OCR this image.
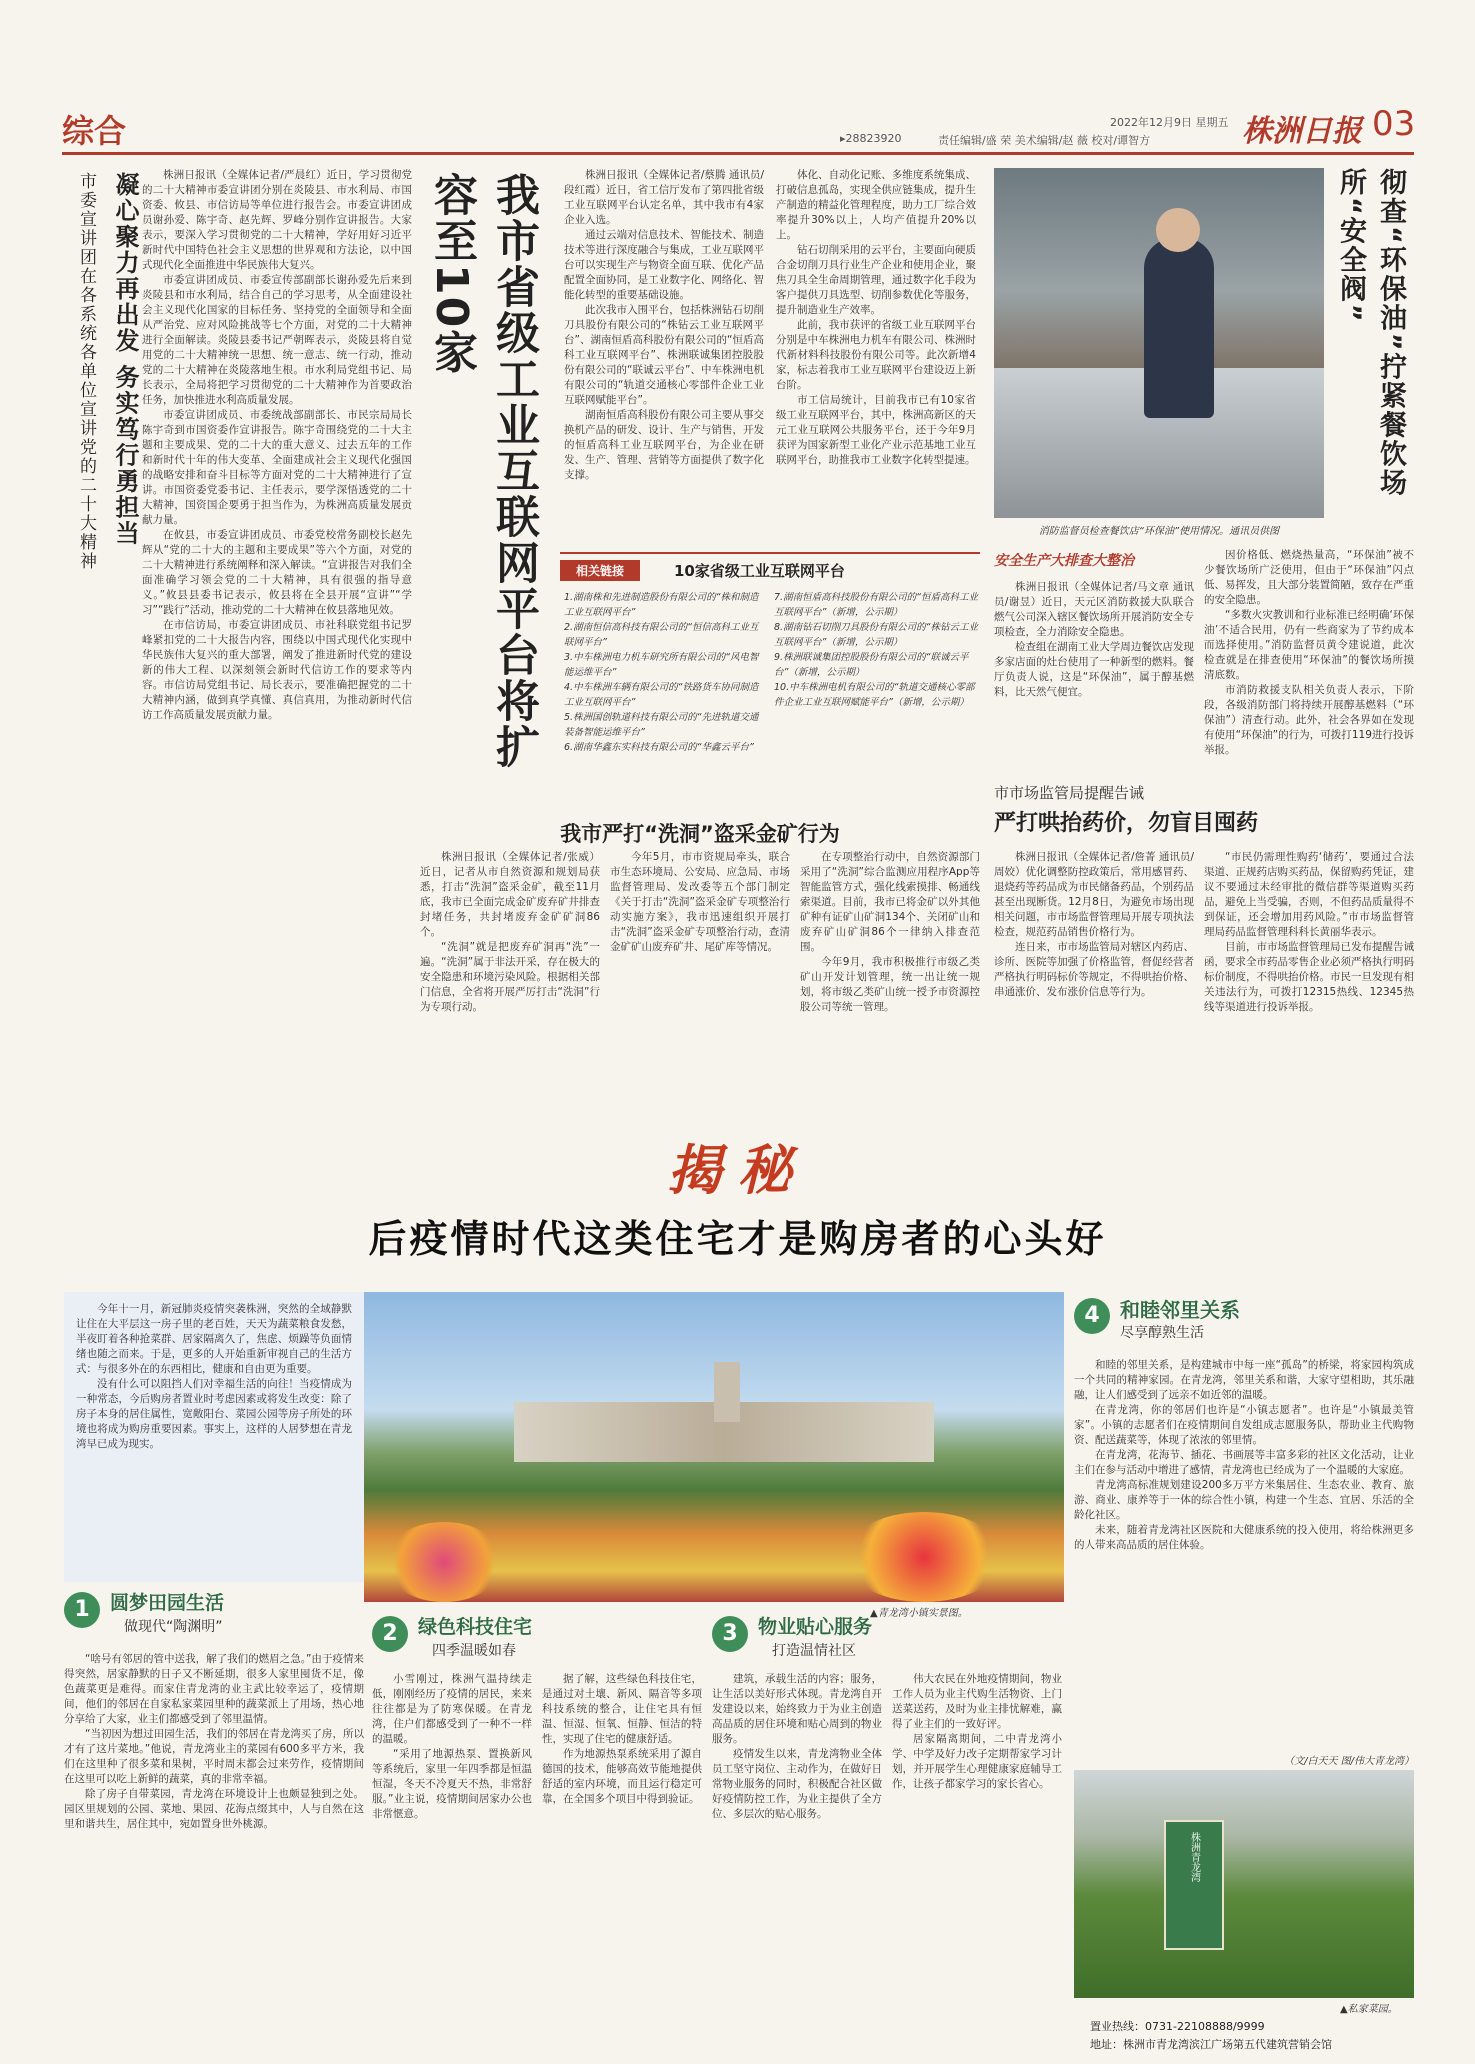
综合	▸28823920	责任编辑/盛 荣 美术编辑/赵 薇 校对/谭智方
2022年12月9日 星期五 株洲日报 03
凝心聚力再出发 务实笃行勇担当
市委宣讲团在各系统各单位宣讲党的二十大精神	株洲日报讯（全媒体记者/严晨红）近日，学习贯彻党的二十大精神市委宣讲团分别在炎陵县、市水利局、市国资委、攸县、市信访局等单位进行报告会。市委宣讲团成员谢孙爱、陈宇奇、赵先辉、罗峰分别作宣讲报告。大家表示，要深入学习贯彻党的二十大精神，学好用好习近平新时代中国特色社会主义思想的世界观和方法论，以中国式现代化全面推进中华民族伟大复兴。

市委宣讲团成员、市委宣传部副部长谢孙爱先后来到炎陵县和市水利局，结合自己的学习思考，从全面建设社会主义现代化国家的目标任务、坚持党的全面领导和全面从严治党、应对风险挑战等七个方面，对党的二十大精神进行全面解读。炎陵县委书记严朝晖表示，炎陵县将自觉用党的二十大精神统一思想、统一意志、统一行动，推动党的二十大精神在炎陵落地生根。市水利局党组书记、局长表示，全局将把学习贯彻党的二十大精神作为首要政治任务，加快推进水利高质量发展。

市委宣讲团成员、市委统战部副部长、市民宗局局长陈宇奇到市国资委作宣讲报告。陈宇奇围绕党的二十大主题和主要成果、党的二十大的重大意义、过去五年的工作和新时代十年的伟大变革、全面建成社会主义现代化强国的战略安排和奋斗目标等方面对党的二十大精神进行了宣讲。市国资委党委书记、主任表示，要学深悟透党的二十大精神，国资国企要勇于担当作为，为株洲高质量发展贡献力量。

在攸县，市委宣讲团成员、市委党校常务副校长赵先辉从“党的二十大的主题和主要成果”等六个方面，对党的二十大精神进行系统阐释和深入解读。“宣讲报告对我们全面准确学习领会党的二十大精神，具有很强的指导意义。”攸县县委书记表示，攸县将在全县开展“宣讲”“学习”“践行”活动，推动党的二十大精神在攸县落地见效。

在市信访局，市委宣讲团成员、市社科联党组书记罗峰紧扣党的二十大报告内容，围绕以中国式现代化实现中华民族伟大复兴的重大部署，阐发了推进新时代党的建设新的伟大工程、以深刻领会新时代信访工作的要求等内容。市信访局党组书记、局长表示，要准确把握党的二十大精神内涵，做到真学真懂、真信真用，为推动新时代信访工作高质量发展贡献力量。	我市省级工业互联网平台将扩容至10家	株洲日报讯（全媒体记者/蔡腾 通讯员/段红霞）近日，省工信厅发布了第四批省级工业互联网平台认定名单，其中我市有4家企业入选。

通过云端对信息技术、智能技术、制造技术等进行深度融合与集成，工业互联网平台可以实现生产与物资全面互联、优化产品配置全面协同，是工业数字化、网络化、智能化转型的重要基础设施。

此次我市入围平台，包括株洲钻石切削刀具股份有限公司的“株钻云工业互联网平台”、湖南恒盾高科股份有限公司的“恒盾高科工业互联网平台”、株洲联诚集团控股股份有限公司的“联诚云平台”、中车株洲电机有限公司的“轨道交通核心零部件企业工业互联网赋能平台”。

湖南恒盾高科股份有限公司主要从事交换机产品的研发、设计、生产与销售，开发的恒盾高科工业互联网平台，为企业在研发、生产、管理、营销等方面提供了数字化支撑。

体化、自动化记账、多维度系统集成、打破信息孤岛，实现全供应链集成，提升生产制造的精益化管理程度，助力工厂综合效率提升30%以上，人均产值提升20%以上。

钻石切削采用的云平台，主要面向硬质合金切削刀具行业生产企业和使用企业，聚焦刀具全生命周期管理，通过数字化手段为客户提供刀具选型、切削参数优化等服务，提升制造业生产效率。

此前，我市获评的省级工业互联网平台分别是中车株洲电力机车有限公司、株洲时代新材料科技股份有限公司等。此次新增4家，标志着我市工业互联网平台建设迈上新台阶。

市工信局统计，目前我市已有10家省级工业互联网平台，其中，株洲高新区的天元工业互联网公共服务平台，还于今年9月获评为国家新型工业化产业示范基地工业互联网平台，助推我市工业数字化转型提速。

相关链接	10家省级工业互联网平台
1.湖南株和先进制造股份有限公司的“株和制造工业互联网平台”
2.湖南恒信高科技有限公司的“恒信高科工业互联网平台”
3.中车株洲电力机车研究所有限公司的“风电智能运维平台”
4.中车株洲车辆有限公司的“铁路货车协同制造工业互联网平台”
5.株洲国创轨道科技有限公司的“先进轨道交通装备智能运维平台”
6.湖南华鑫东实科技有限公司的“华鑫云平台”
7.湖南恒盾高科技股份有限公司的“恒盾高科工业互联网平台”（新增，公示期）
8.湖南钻石切削刀具股份有限公司的“株钻云工业互联网平台”（新增，公示期）
9.株洲联诚集团控股股份有限公司的“联诚云平台”（新增，公示期）
10.中车株洲电机有限公司的“轨道交通核心零部件企业工业互联网赋能平台”（新增，公示期）
我市严打“洗洞”盗采金矿行为

株洲日报讯（全媒体记者/张威）近日，记者从市自然资源和规划局获悉，打击“洗洞”盗采金矿，截至11月底，我市已全面完成金矿废弃矿井排查封堵任务，共封堵废弃金矿矿洞86个。

“洗洞”就是把废弃矿洞再“洗”一遍。“洗洞”属于非法开采，存在极大的安全隐患和环境污染风险。根据相关部门信息，全省将开展严厉打击“洗洞”行为专项行动。

今年5月，市市资规局牵头，联合市生态环境局、公安局、应急局、市场监督管理局、发改委等五个部门制定《关于打击“洗洞”盗采金矿专项整治行动实施方案》，我市迅速组织开展打击“洗洞”盗采金矿专项整治行动，查清金矿矿山废弃矿井、尾矿库等情况。

在专项整治行动中，自然资源部门采用了“洗洞”综合监测应用程序App等智能监管方式，强化线索摸排、畅通线索渠道。目前，我市已将金矿以外其他矿种有证矿山矿洞134个、关闭矿山和废弃矿山矿洞86个一律纳入排查范围。

今年9月，我市积极推行市级乙类矿山开发计划管理，统一出让统一规划，将市级乙类矿山统一授予市资源控股公司等统一管理。

消防监督员检查餐饮店“环保油”使用情况。通讯员供图
彻查“环保油”拧紧餐饮场所“安全阀”
安全生产大排查大整治

株洲日报讯（全媒体记者/马文章 通讯员/谢昱）近日，天元区消防救援大队联合燃气公司深入辖区餐饮场所开展消防安全专项检查，全力消除安全隐患。

检查组在湖南工业大学周边餐饮店发现多家店面的灶台使用了一种新型的燃料。餐厅负责人说，这是“环保油”，属于醇基燃料，比天然气便宜。

因价格低、燃烧热量高，“环保油”被不少餐饮场所广泛使用，但由于“环保油”闪点低、易挥发，且大部分装置简陋，致存在严重的安全隐患。

“多数火灾教训和行业标准已经明确‘环保油’不适合民用，仍有一些商家为了节约成本而选择使用。”消防监督员黄令建说道，此次检查就是在排查使用“环保油”的餐饮场所摸清底数。

市消防救援支队相关负责人表示，下阶段，各级消防部门将持续开展醇基燃料（“环保油”）清查行动。此外，社会各界如在发现有使用“环保油”的行为，可拨打119进行投诉举报。

市市场监管局提醒告诫
严打哄抬药价，勿盲目囤药

株洲日报讯（全媒体记者/詹菁 通讯员/周姣）优化调整防控政策后，常用感冒药、退烧药等药品成为市民储备药品，个别药品甚至出现断货。12月8日，为避免市场出现相关问题，市市场监督管理局开展专项执法检查，规范药品销售价格行为。

连日来，市市场监管局对辖区内药店、诊所、医院等加强了价格监管，督促经营者严格执行明码标价等规定，不得哄抬价格、串通涨价、发布涨价信息等行为。

“市民仍需理性购药‘储药’，要通过合法渠道、正规药店购买药品，保留购药凭证，建议不要通过未经审批的微信群等渠道购买药品，避免上当受骗，否则，不但药品质量得不到保证，还会增加用药风险。”市市场监督管理局药品监督管理科科长黄丽华表示。

目前，市市场监督管理局已发布提醒告诫函，要求全市药品零售企业必须严格执行明码标价制度，不得哄抬价格。市民一旦发现有相关违法行为，可拨打12315热线、12345热线等渠道进行投诉举报。

揭秘
后疫情时代这类住宅才是购房者的心头好

今年十一月，新冠肺炎疫情突袭株洲，突然的全域静默让住在大平层这一房子里的老百姓，天天为蔬菜粮食发愁，半夜盯着各种抢菜群、居家隔离久了，焦虑、烦躁等负面情绪也随之而来。于是，更多的人开始重新审视自己的生活方式：与很多外在的东西相比，健康和自由更为重要。

没有什么可以阻挡人们对幸福生活的向往！当疫情成为一种常态，今后购房者置业时考虑因素或将发生改变：除了房子本身的居住属性，宽敞阳台、菜园公园等房子所处的环境也将成为购房重要因素。事实上，这样的人居梦想在青龙湾早已成为现实。

▲青龙湾小镇实景图。
4	和睦邻里关系
尽享醇熟生活

和睦的邻里关系，是构建城市中每一座“孤岛”的桥梁，将家园构筑成一个共同的精神家园。在青龙湾，邻里关系和谐，大家守望相助，其乐融融，让人们感受到了远亲不如近邻的温暖。

在青龙湾，你的邻居们也许是“小镇志愿者”。也许是“小镇最美管家”。小镇的志愿者们在疫情期间自发组成志愿服务队，帮助业主代购物资、配送蔬菜等，体现了浓浓的邻里情。

在青龙湾，花海节、插花、书画展等丰富多彩的社区文化活动，让业主们在参与活动中增进了感情，青龙湾也已经成为了一个温暖的大家庭。

青龙湾高标准规划建设200多万平方米集居住、生态农业、教育、旅游、商业、康养等于一体的综合性小镇，构建一个生态、宜居、乐活的全龄化社区。

未来，随着青龙湾社区医院和大健康系统的投入使用，将给株洲更多的人带来高品质的居住体验。

（文/白天天 图/伟大青龙湾）
1	圆梦田园生活
做现代“陶渊明”

“啥号有邻居的管中送我，解了我们的燃眉之急。”由于疫情来得突然，居家静默的日子又不断延期，很多人家里囤货不足，像色蔬菜更是难得。而家住青龙湾的业主武比较幸运了，疫情期间，他们的邻居在自家私家菜园里种的蔬菜派上了用场，热心地分享给了大家，业主们都感受到了邻里温情。

“当初因为想过田园生活，我们的邻居在青龙湾买了房，所以才有了这片菜地。”他说，青龙湾业主的菜园有600多平方米，我们在这里种了很多菜和果树，平时周末都会过来劳作，疫情期间在这里可以吃上新鲜的蔬菜，真的非常幸福。

除了房子自带菜园，青龙湾在环境设计上也颇显独到之处。园区里规划的公园、菜地、果园、花海点缀其中，人与自然在这里和谐共生，居住其中，宛如置身世外桃源。

2	绿色科技住宅
四季温暖如春

小雪刚过，株洲气温持续走低，刚刚经历了疫情的居民，来来往往都是为了防寒保暖。在青龙湾，住户们都感受到了一种不一样的温暖。

“采用了地源热泵、置换新风等系统后，家里一年四季都是恒温恒湿，冬天不冷夏天不热，非常舒服。”业主说，疫情期间居家办公也非常惬意。

据了解，这些绿色科技住宅，是通过对土壤、新风、隔音等多项科技系统的整合，让住宅具有恒温、恒湿、恒氧、恒静、恒洁的特性，实现了住宅的健康舒适。

作为地源热泵系统采用了源自德国的技术，能够高效节能地提供舒适的室内环境，而且运行稳定可靠，在全国多个项目中得到验证。

3	物业贴心服务
打造温情社区

建筑，承载生活的内容；服务，让生活以美好形式体现。青龙湾自开发建设以来，始终致力于为业主创造高品质的居住环境和贴心周到的物业服务。

疫情发生以来，青龙湾物业全体员工坚守岗位、主动作为，在做好日常物业服务的同时，积极配合社区做好疫情防控工作，为业主提供了全方位、多层次的贴心服务。

伟大农民在外地疫情期间，物业工作人员为业主代购生活物资、上门送菜送药，及时为业主排忧解难，赢得了业主们的一致好评。

居家隔离期间，二中青龙湾小学、中学及好力改子定期帮家学习计划，并开展学生心理健康家庭辅导工作，让孩子都家学习的家长省心。

株洲青龙湾
▲私家菜园。
置业热线：0731-22108888/9999
地址：株洲市青龙湾滨江广场第五代建筑营销会馆
